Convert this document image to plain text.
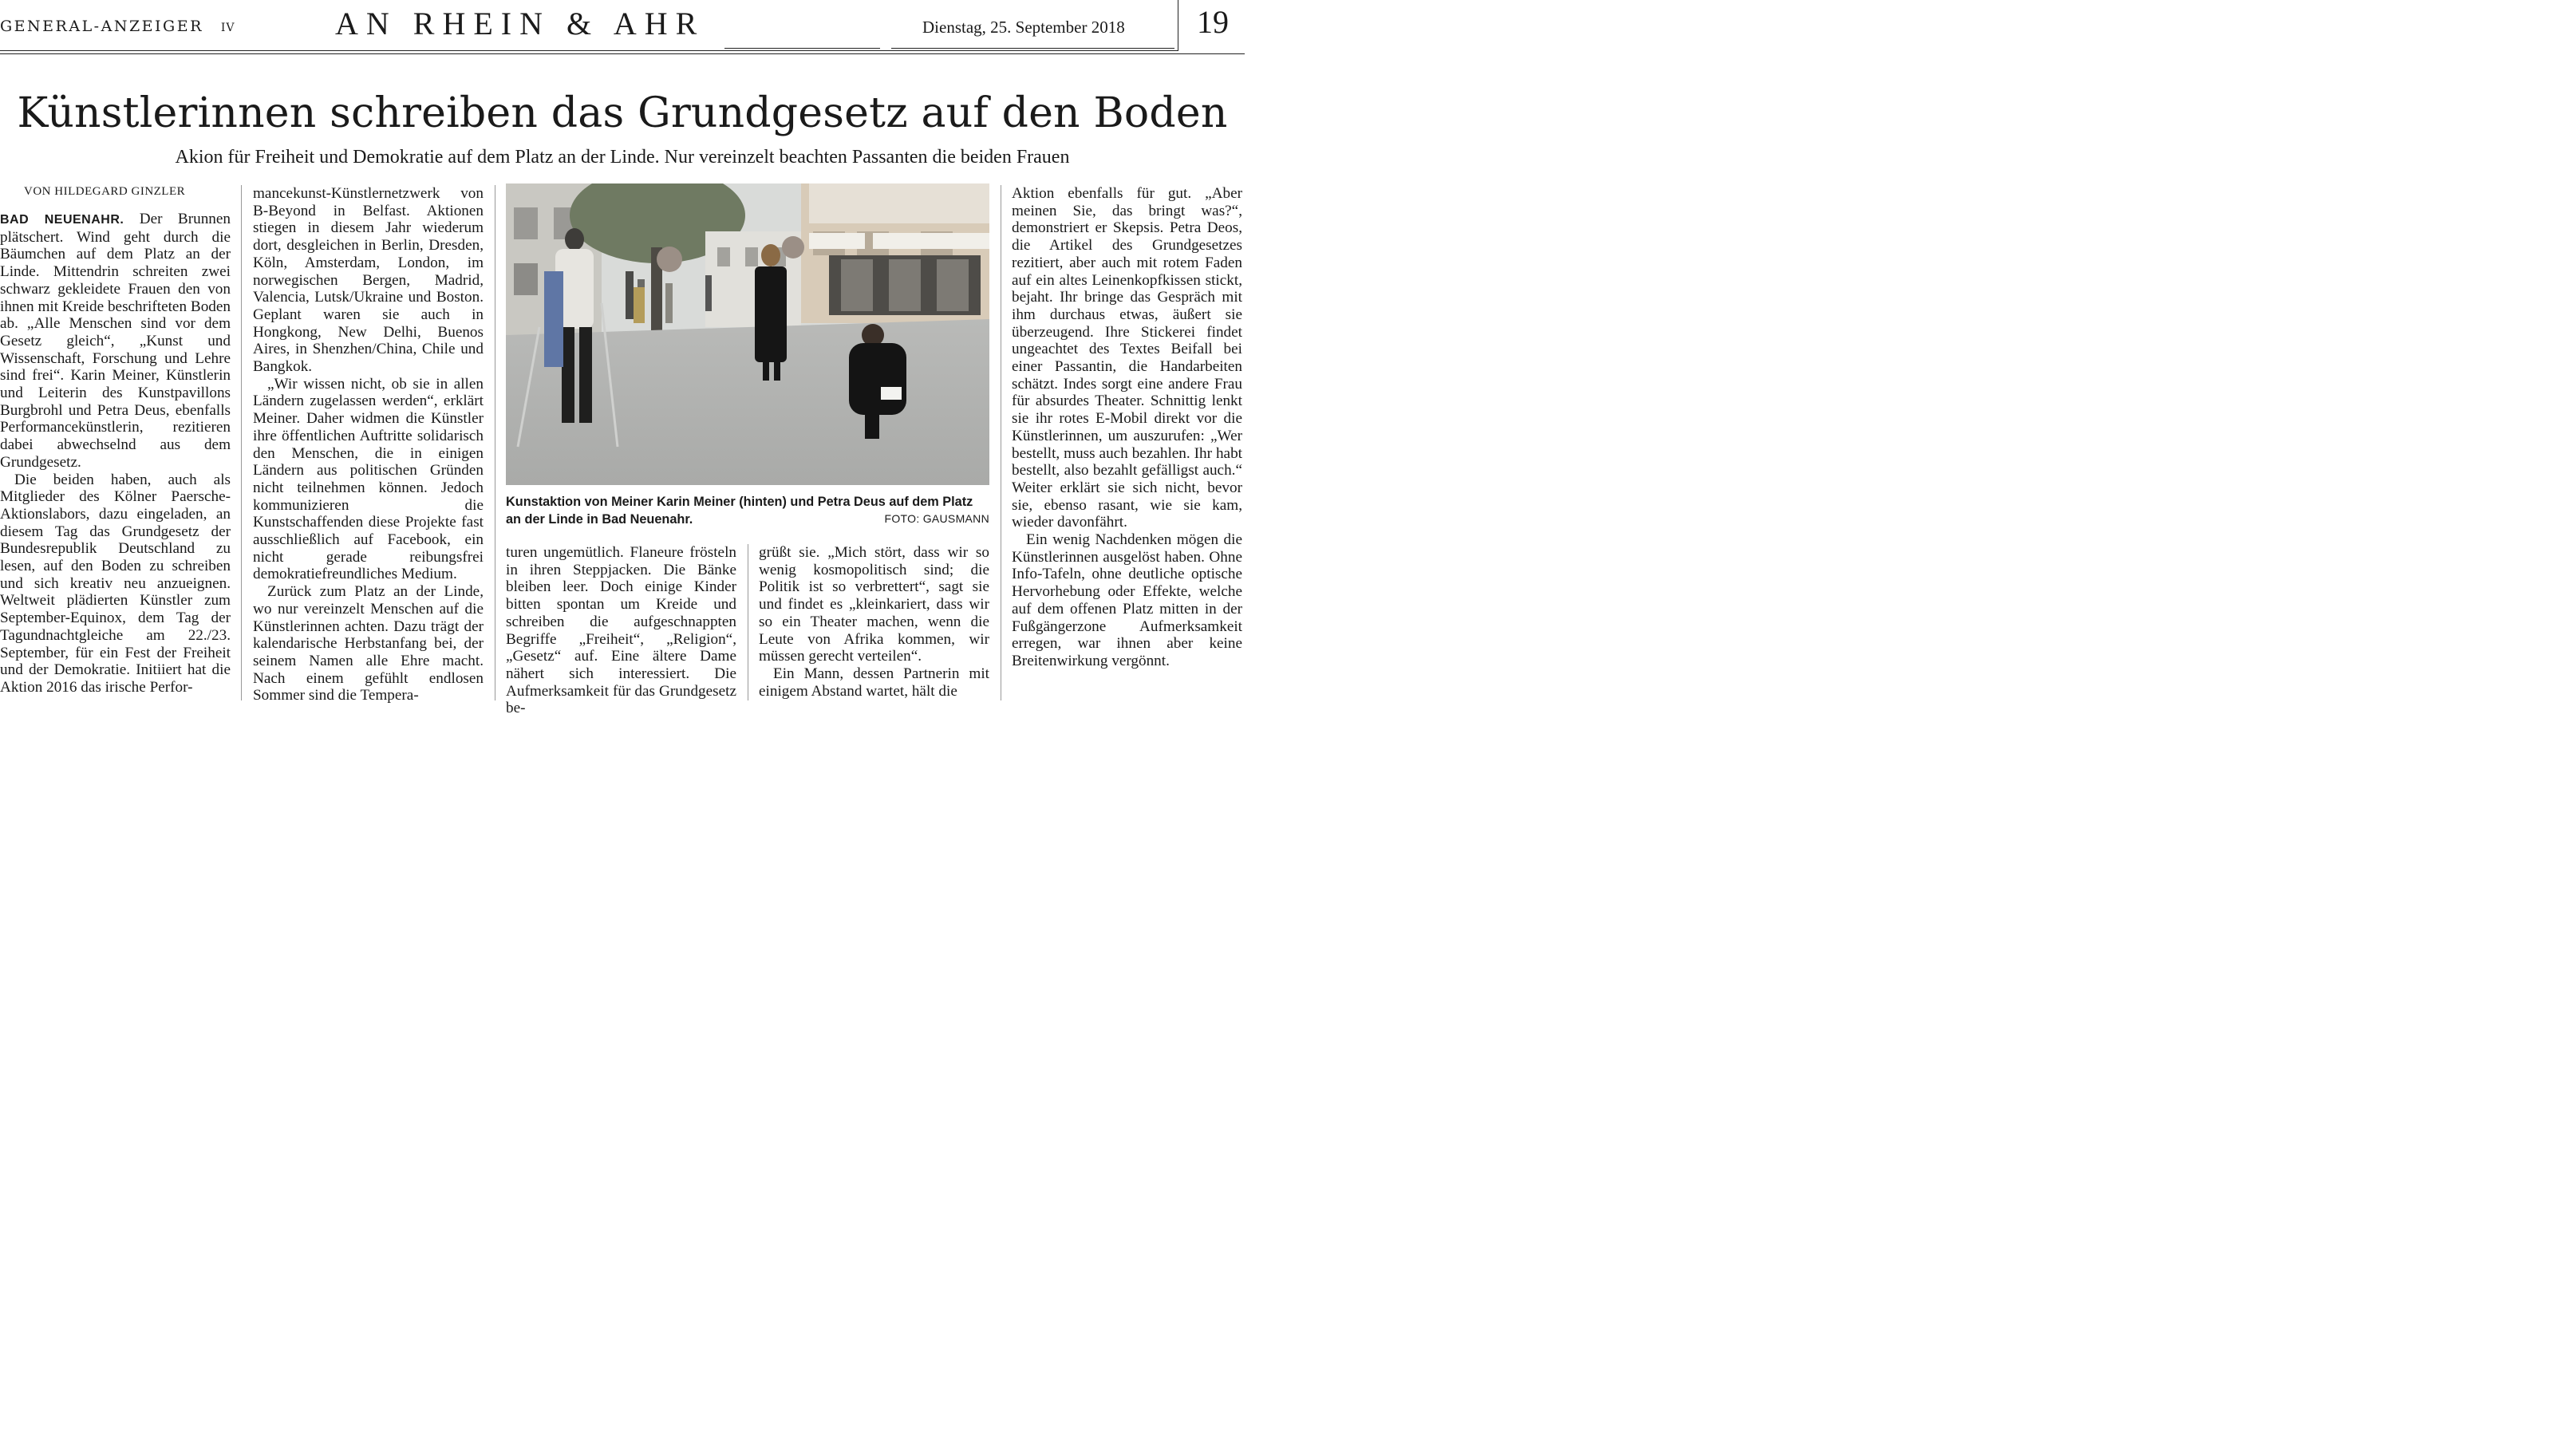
GENERAL-ANZEIGER IV	AN RHEIN & AHR	Dienstag, 25. September 2018 19
Künstlerinnen schreiben das Grundgesetz auf den Boden
Akion für Freiheit und Demokratie auf dem Platz an der Linde. Nur vereinzelt beachten Passanten die beiden Frauen

VON HILDEGARD GINZLER

BAD NEUENAHR. Der Brunnen plätschert. Wind geht durch die Bäumchen auf dem Platz an der Linde. Mittendrin schreiten zwei schwarz gekleidete Frauen den von ihnen mit Kreide beschrifteten Boden ab. „Alle Menschen sind vor dem Gesetz gleich“, „Kunst und Wissenschaft, Forschung und Lehre sind frei“. Karin Meiner, Künstlerin und Leiterin des Kunstpavillons Burgbrohl und Petra Deus, ebenfalls Performancekünstlerin, rezitieren dabei abwechselnd aus dem Grundgesetz.

Die beiden haben, auch als Mitglieder des Kölner Paersche-Aktionslabors, dazu eingeladen, an diesem Tag das Grundgesetz der Bundesrepublik Deutschland zu lesen, auf den Boden zu schreiben und sich kreativ neu anzueignen. Weltweit plädierten Künstler zum September-Equinox, dem Tag der Tagundnachtgleiche am 22./23. September, für ein Fest der Freiheit und der Demokratie. Initiiert hat die Aktion 2016 das irische Perfor-

mancekunst-Künstlernetzwerk von B-Beyond in Belfast. Aktionen stiegen in diesem Jahr wiederum dort, desgleichen in Berlin, Dresden, Köln, Amsterdam, London, im norwegischen Bergen, Madrid, Valencia, Lutsk/Ukraine und Boston. Geplant waren sie auch in Hongkong, New Delhi, Buenos Aires, in Shenzhen/China, Chile und Bangkok.

„Wir wissen nicht, ob sie in allen Ländern zugelassen werden“, erklärt Meiner. Daher widmen die Künstler ihre öffentlichen Auftritte solidarisch den Menschen, die in einigen Ländern aus politischen Gründen nicht teilnehmen können. Jedoch kommunizieren die Kunstschaffenden diese Projekte fast ausschließlich auf Facebook, ein nicht gerade reibungsfrei demokratiefreundliches Medium.

Zurück zum Platz an der Linde, wo nur vereinzelt Menschen auf die Künstlerinnen achten. Dazu trägt der kalendarische Herbstanfang bei, der seinem Namen alle Ehre macht. Nach einem gefühlt endlosen Sommer sind die Tempera-

Kunstaktion von Meiner Karin Meiner (hinten) und Petra Deus auf dem Platz an der Linde in Bad Neuenahr.	FOTO: GAUSMANN

turen ungemütlich. Flaneure frösteln in ihren Steppjacken. Die Bänke bleiben leer. Doch einige Kinder bitten spontan um Kreide und schreiben die aufgeschnappten Begriffe „Freiheit“, „Religion“, „Gesetz“ auf. Eine ältere Dame nähert sich interessiert. Die Aufmerksamkeit für das Grundgesetz be-

grüßt sie. „Mich stört, dass wir so wenig kosmopolitisch sind; die Politik ist so verbrettert“, sagt sie und findet es „kleinkariert, dass wir so ein Theater machen, wenn die Leute von Afrika kommen, wir müssen gerecht verteilen“.

Ein Mann, dessen Partnerin mit einigem Abstand wartet, hält die

Aktion ebenfalls für gut. „Aber meinen Sie, das bringt was?“, demonstriert er Skepsis. Petra Deos, die Artikel des Grundgesetzes rezitiert, aber auch mit rotem Faden auf ein altes Leinenkopfkissen stickt, bejaht. Ihr bringe das Gespräch mit ihm durchaus etwas, äußert sie überzeugend. Ihre Stickerei findet ungeachtet des Textes Beifall bei einer Passantin, die Handarbeiten schätzt. Indes sorgt eine andere Frau für absurdes Theater. Schnittig lenkt sie ihr rotes E-Mobil direkt vor die Künstlerinnen, um auszurufen: „Wer bestellt, muss auch bezahlen. Ihr habt bestellt, also bezahlt gefälligst auch.“ Weiter erklärt sie sich nicht, bevor sie, ebenso rasant, wie sie kam, wieder davonfährt.

Ein wenig Nachdenken mögen die Künstlerinnen ausgelöst haben. Ohne Info-Tafeln, ohne deutliche optische Hervorhebung oder Effekte, welche auf dem offenen Platz mitten in der Fußgängerzone Aufmerksamkeit erregen, war ihnen aber keine Breitenwirkung vergönnt.
